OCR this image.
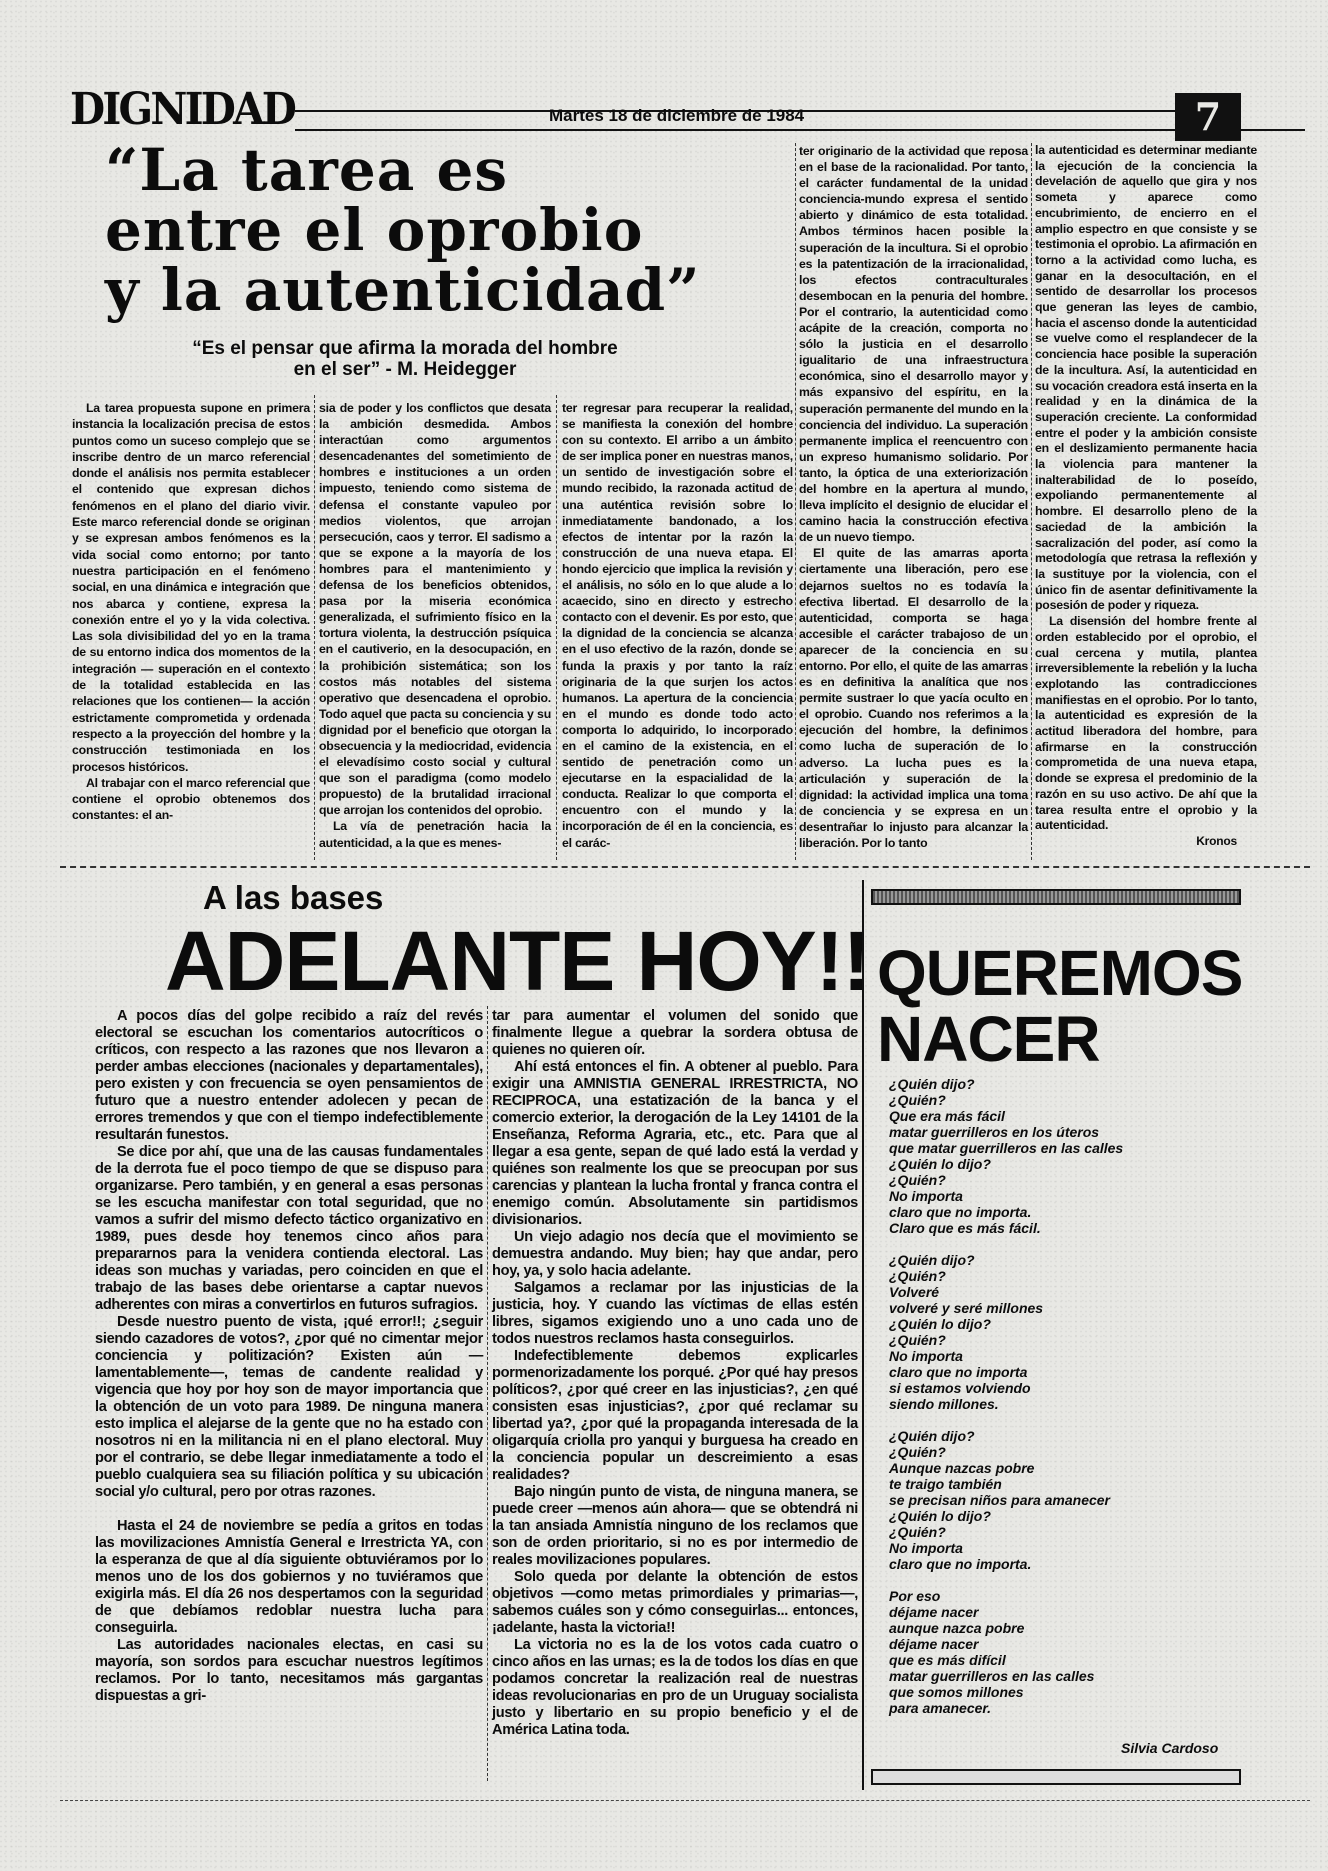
DIGNIDAD	Martes 18 de diciembre de 1984	7
“La tarea es
entre el oprobio
y la autenticidad”
“Es el pensar que afirma la morada del hombre en el ser” - M. Heidegger

La tarea propuesta supone en primera instancia la localización precisa de estos puntos como un suceso complejo que se inscribe dentro de un marco referencial donde el análisis nos permita establecer el contenido que expresan dichos fenómenos en el plano del diario vivir. Este marco referencial donde se originan y se expresan ambos fenómenos es la vida social como entorno; por tanto nuestra participación en el fenómeno social, en una dinámica e integración que nos abarca y contiene, expresa la conexión entre el yo y la vida colectiva. Las sola divisibilidad del yo en la trama de su entorno indica dos momentos de la integración — superación en el contexto de la totalidad establecida en las relaciones que los contienen— la acción estrictamente comprometida y ordenada respecto a la proyección del hombre y la construcción testimoniada en los procesos históricos.

Al trabajar con el marco referencial que contiene el oprobio obtenemos dos constantes: el an-

sia de poder y los conflictos que desata la ambición desmedida. Ambos interactúan como argumentos desencadenantes del sometimiento de hombres e instituciones a un orden impuesto, teniendo como sistema de defensa el constante vapuleo por medios violentos, que arrojan persecución, caos y terror. El sadismo a que se expone a la mayoría de los hombres para el mantenimiento y defensa de los beneficios obtenidos, pasa por la miseria económica generalizada, el sufrimiento físico en la tortura violenta, la destrucción psíquica en el cautiverio, en la desocupación, en la prohibición sistemática; son los costos más notables del sistema operativo que desencadena el oprobio. Todo aquel que pacta su conciencia y su dignidad por el beneficio que otorgan la obsecuencia y la mediocridad, evidencia el elevadísimo costo social y cultural que son el paradigma (como modelo propuesto) de la brutalidad irracional que arrojan los contenidos del oprobio.

La vía de penetración hacia la autenticidad, a la que es menes-

ter regresar para recuperar la realidad, se manifiesta la conexión del hombre con su contexto. El arribo a un ámbito de ser implica poner en nuestras manos, un sentido de investigación sobre el mundo recibido, la razonada actitud de una auténtica revisión sobre lo inmediatamente bandonado, a los efectos de intentar por la razón la construcción de una nueva etapa. El hondo ejercicio que implica la revisión y el análisis, no sólo en lo que alude a lo acaecido, sino en directo y estrecho contacto con el devenir. Es por esto, que la dignidad de la conciencia se alcanza en el uso efectivo de la razón, donde se funda la praxis y por tanto la raíz originaria de la que surjen los actos humanos. La apertura de la conciencia en el mundo es donde todo acto comporta lo adquirido, lo incorporado en el camino de la existencia, en el sentido de penetración como un ejecutarse en la espacialidad de la conducta. Realizar lo que comporta el encuentro con el mundo y la incorporación de él en la conciencia, es el carác-

ter originario de la actividad que reposa en el base de la racionalidad. Por tanto, el carácter fundamental de la unidad conciencia-mundo expresa el sentido abierto y dinámico de esta totalidad. Ambos términos hacen posible la superación de la incultura. Si el oprobio es la patentización de la irracionalidad, los efectos contraculturales desembocan en la penuria del hombre. Por el contrario, la autenticidad como acápite de la creación, comporta no sólo la justicia en el desarrollo igualitario de una infraestructura económica, sino el desarrollo mayor y más expansivo del espíritu, en la superación permanente del mundo en la conciencia del individuo. La superación permanente implica el reencuentro con un expreso humanismo solidario. Por tanto, la óptica de una exteriorización del hombre en la apertura al mundo, lleva implícito el designio de elucidar el camino hacia la construcción efectiva de un nuevo tiempo.

El quite de las amarras aporta ciertamente una liberación, pero ese dejarnos sueltos no es todavía la efectiva libertad. El desarrollo de la autenticidad, comporta se haga accesible el carácter trabajoso de un aparecer de la conciencia en su entorno. Por ello, el quite de las amarras es en definitiva la analítica que nos permite sustraer lo que yacía oculto en el oprobio. Cuando nos referimos a la ejecución del hombre, la definimos como lucha de superación de lo adverso. La lucha pues es la articulación y superación de la dignidad: la actividad implica una toma de conciencia y se expresa en un desentrañar lo injusto para alcanzar la liberación. Por lo tanto

la autenticidad es determinar mediante la ejecución de la conciencia la develación de aquello que gira y nos someta y aparece como encubrimiento, de encierro en el amplio espectro en que consiste y se testimonia el oprobio. La afirmación en torno a la actividad como lucha, es ganar en la desocultación, en el sentido de desarrollar los procesos que generan las leyes de cambio, hacia el ascenso donde la autenticidad se vuelve como el resplandecer de la conciencia hace posible la superación de la incultura. Así, la autenticidad en su vocación creadora está inserta en la realidad y en la dinámica de la superación creciente. La conformidad entre el poder y la ambición consiste en el deslizamiento permanente hacia la violencia para mantener la inalterabilidad de lo poseído, expoliando permanentemente al hombre. El desarrollo pleno de la saciedad de la ambición la sacralización del poder, así como la metodología que retrasa la reflexión y la sustituye por la violencia, con el único fin de asentar definitivamente la posesión de poder y riqueza.

La disensión del hombre frente al orden establecido por el oprobio, el cual cercena y mutila, plantea irreversiblemente la rebelión y la lucha explotando las contradicciones manifiestas en el oprobio. Por lo tanto, la autenticidad es expresión de la actitud liberadora del hombre, para afirmarse en la construcción comprometida de una nueva etapa, donde se expresa el predominio de la razón en su uso activo. De ahí que la tarea resulta entre el oprobio y la autenticidad.

Kronos

A las bases
ADELANTE HOY!!

A pocos días del golpe recibido a raíz del revés electoral se escuchan los comentarios autocríticos o críticos, con respecto a las razones que nos llevaron a perder ambas elecciones (nacionales y departamentales), pero existen y con frecuencia se oyen pensamientos de futuro que a nuestro entender adolecen y pecan de errores tremendos y que con el tiempo indefectiblemente resultarán funestos.

Se dice por ahí, que una de las causas fundamentales de la derrota fue el poco tiempo de que se dispuso para organizarse. Pero también, y en general a esas personas se les escucha manifestar con total seguridad, que no vamos a sufrir del mismo defecto táctico organizativo en 1989, pues desde hoy tenemos cinco años para prepararnos para la venidera contienda electoral. Las ideas son muchas y variadas, pero coinciden en que el trabajo de las bases debe orientarse a captar nuevos adherentes con miras a convertirlos en futuros sufragios.

Desde nuestro puento de vista, ¡qué error!!; ¿seguir siendo cazadores de votos?, ¿por qué no cimentar mejor conciencia y politización? Existen aún —lamentablemente—, temas de candente realidad y vigencia que hoy por hoy son de mayor importancia que la obtención de un voto para 1989. De ninguna manera esto implica el alejarse de la gente que no ha estado con nosotros ni en la militancia ni en el plano electoral. Muy por el contrario, se debe llegar inmediatamente a todo el pueblo cualquiera sea su filiación política y su ubicación social y/o cultural, pero por otras razones.

Hasta el 24 de noviembre se pedía a gritos en todas las movilizaciones Amnistía General e Irrestricta YA, con la esperanza de que al día siguiente obtuviéramos por lo menos uno de los dos gobiernos y no tuviéramos que exigirla más. El día 26 nos despertamos con la seguridad de que debíamos redoblar nuestra lucha para conseguirla.

Las autoridades nacionales electas, en casi su mayoría, son sordos para escuchar nuestros legítimos reclamos. Por lo tanto, necesitamos más gargantas dispuestas a gri-

tar para aumentar el volumen del sonido que finalmente llegue a quebrar la sordera obtusa de quienes no quieren oír.

Ahí está entonces el fin. A obtener al pueblo. Para exigir una AMNISTIA GENERAL IRRESTRICTA, NO RECIPROCA, una estatización de la banca y el comercio exterior, la derogación de la Ley 14101 de la Enseñanza, Reforma Agraria, etc., etc. Para que al llegar a esa gente, sepan de qué lado está la verdad y quiénes son realmente los que se preocupan por sus carencias y plantean la lucha frontal y franca contra el enemigo común. Absolutamente sin partidismos divisionarios.

Un viejo adagio nos decía que el movimiento se demuestra andando. Muy bien; hay que andar, pero hoy, ya, y solo hacia adelante.

Salgamos a reclamar por las injusticias de la justicia, hoy. Y cuando las víctimas de ellas estén libres, sigamos exigiendo uno a uno cada uno de todos nuestros reclamos hasta conseguirlos.

Indefectiblemente debemos explicarles pormenorizadamente los porqué. ¿Por qué hay presos políticos?, ¿por qué creer en las injusticias?, ¿en qué consisten esas injusticias?, ¿por qué reclamar su libertad ya?, ¿por qué la propaganda interesada de la oligarquía criolla pro yanqui y burguesa ha creado en la conciencia popular un descreimiento a esas realidades?

Bajo ningún punto de vista, de ninguna manera, se puede creer —menos aún ahora— que se obtendrá ni la tan ansiada Amnistía ninguno de los reclamos que son de orden prioritario, si no es por intermedio de reales movilizaciones populares.

Solo queda por delante la obtención de estos objetivos —como metas primordiales y primarias—, sabemos cuáles son y cómo conseguirlas... entonces, ¡adelante, hasta la victoria!!

La victoria no es la de los votos cada cuatro o cinco años en las urnas; es la de todos los días en que podamos concretar la realización real de nuestras ideas revolucionarias en pro de un Uruguay socialista justo y libertario en su propio beneficio y el de América Latina toda.

QUEREMOS
NACER
¿Quién dijo?
¿Quién?
Que era más fácil
matar guerrilleros en los úteros
que matar guerrilleros en las calles
¿Quién lo dijo?
¿Quién?
No importa
claro que no importa.
Claro que es más fácil.
¿Quién dijo?
¿Quién?
Volveré
volveré y seré millones
¿Quién lo dijo?
¿Quién?
No importa
claro que no importa
si estamos volviendo
siendo millones.
¿Quién dijo?
¿Quién?
Aunque nazcas pobre
te traigo también
se precisan niños para amanecer
¿Quién lo dijo?
¿Quién?
No importa
claro que no importa.
Por eso
déjame nacer
aunque nazca pobre
déjame nacer
que es más difícil
matar guerrilleros en las calles
que somos millones
para amanecer.
Silvia Cardoso
